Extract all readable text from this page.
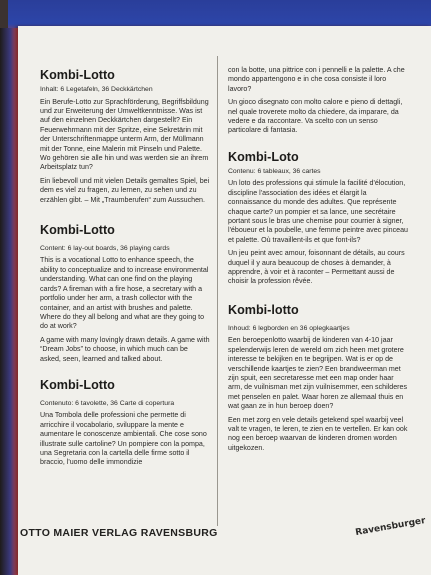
Kombi-Lotto
Inhalt: 6 Legetafeln, 36 Deckkärtchen

Ein Berufe-Lotto zur Sprachförderung, Begriffsbildung und zur Erweiterung der Umweltkenntnisse. Was ist auf den einzelnen Deckkärtchen dargestellt? Ein Feuerwehrmann mit der Spritze, eine Sekretärin mit der Unterschriftenmappe unterm Arm, der Müllmann mit der Tonne, eine Malerin mit Pinseln und Palette. Wo gehören sie alle hin und was werden sie an ihrem Arbeitsplatz tun?

Ein liebevoll und mit vielen Details gemaltes Spiel, bei dem es viel zu fragen, zu lernen, zu sehen und zu erzählen gibt. – Mit „Traumberufen“ zum Aussuchen.

Kombi-Lotto
Content: 6 lay-out boards, 36 playing cards

This is a vocational Lotto to enhance speech, the ability to conceptualize and to increase environmental understanding. What can one find on the playing cards? A fireman with a fire hose, a secretary with a portfolio under her arm, a trash collector with the container, and an artist with brushes and palette. Where do they all belong and what are they going to do at work?

A game with many lovingly drawn details. A game with “Dream Jobs” to choose, in which much can be asked, seen, learned and talked about.

Kombi-Lotto
Contenuto: 6 tavolette, 36 Carte di copertura

Una Tombola delle professioni che permette di arricchire il vocabolario, sviluppare la mente e aumentare le conoscenze ambientali. Che cose sono illustrate sulle cartoline? Un pompiere con la pompa, una Segretaria con la cartella delle firme sotto il braccio, l'uomo delle immondizie

con la botte, una pittrice con i pennelli e la palette. A che mondo appartengono e in che cosa consiste il loro lavoro?

Un gioco disegnato con molto calore e pieno di dettagli, nel quale troverete molto da chiedere, da imparare, da vedere e da raccontare. Va scelto con un senso particolare di fantasia.

Kombi-Loto
Contenu: 6 tableaux, 36 cartes

Un loto des professions qui stimule la facilité d'élocution, discipline l'association des idées et élargit la connaissance du monde des adultes. Que représente chaque carte? un pompier et sa lance, une secrétaire portant sous le bras une chemise pour courrier à signer, l'éboueur et la poubelle, une femme peintre avec pinceau et palette. Où travaillent-ils et que font-ils?

Un jeu peint avec amour, foisonnant de détails, au cours duquel il y aura beaucoup de choses à demander, à apprendre, à voir et à raconter – Permettant aussi de choisir la profession rêvée.

Kombi-lotto
Inhoud: 6 legborden en 36 oplegkaartjes

Een beroepenlotto waarbij de kinderen van 4-10 jaar spelenderwijs leren de wereld om zich heen met grotere interesse te bekijken en te begrijpen. Wat is er op de verschillende kaartjes te zien? Een brandweerman met zijn spuit, een secretaresse met een map onder haar arm, de vuilnisman met zijn vuilnisemmer, een schilderes met penselen en palet. Waar horen ze allemaal thuis en wat gaan ze in hun beroep doen?

Een met zorg en vele details getekend spel waarbij veel valt te vragen, te leren, te zien en te vertellen. Er kan ook nog een beroep waarvan de kinderen dromen worden uitgekozen.

OTTO MAIER VERLAG RAVENSBURG	Ravensburger
